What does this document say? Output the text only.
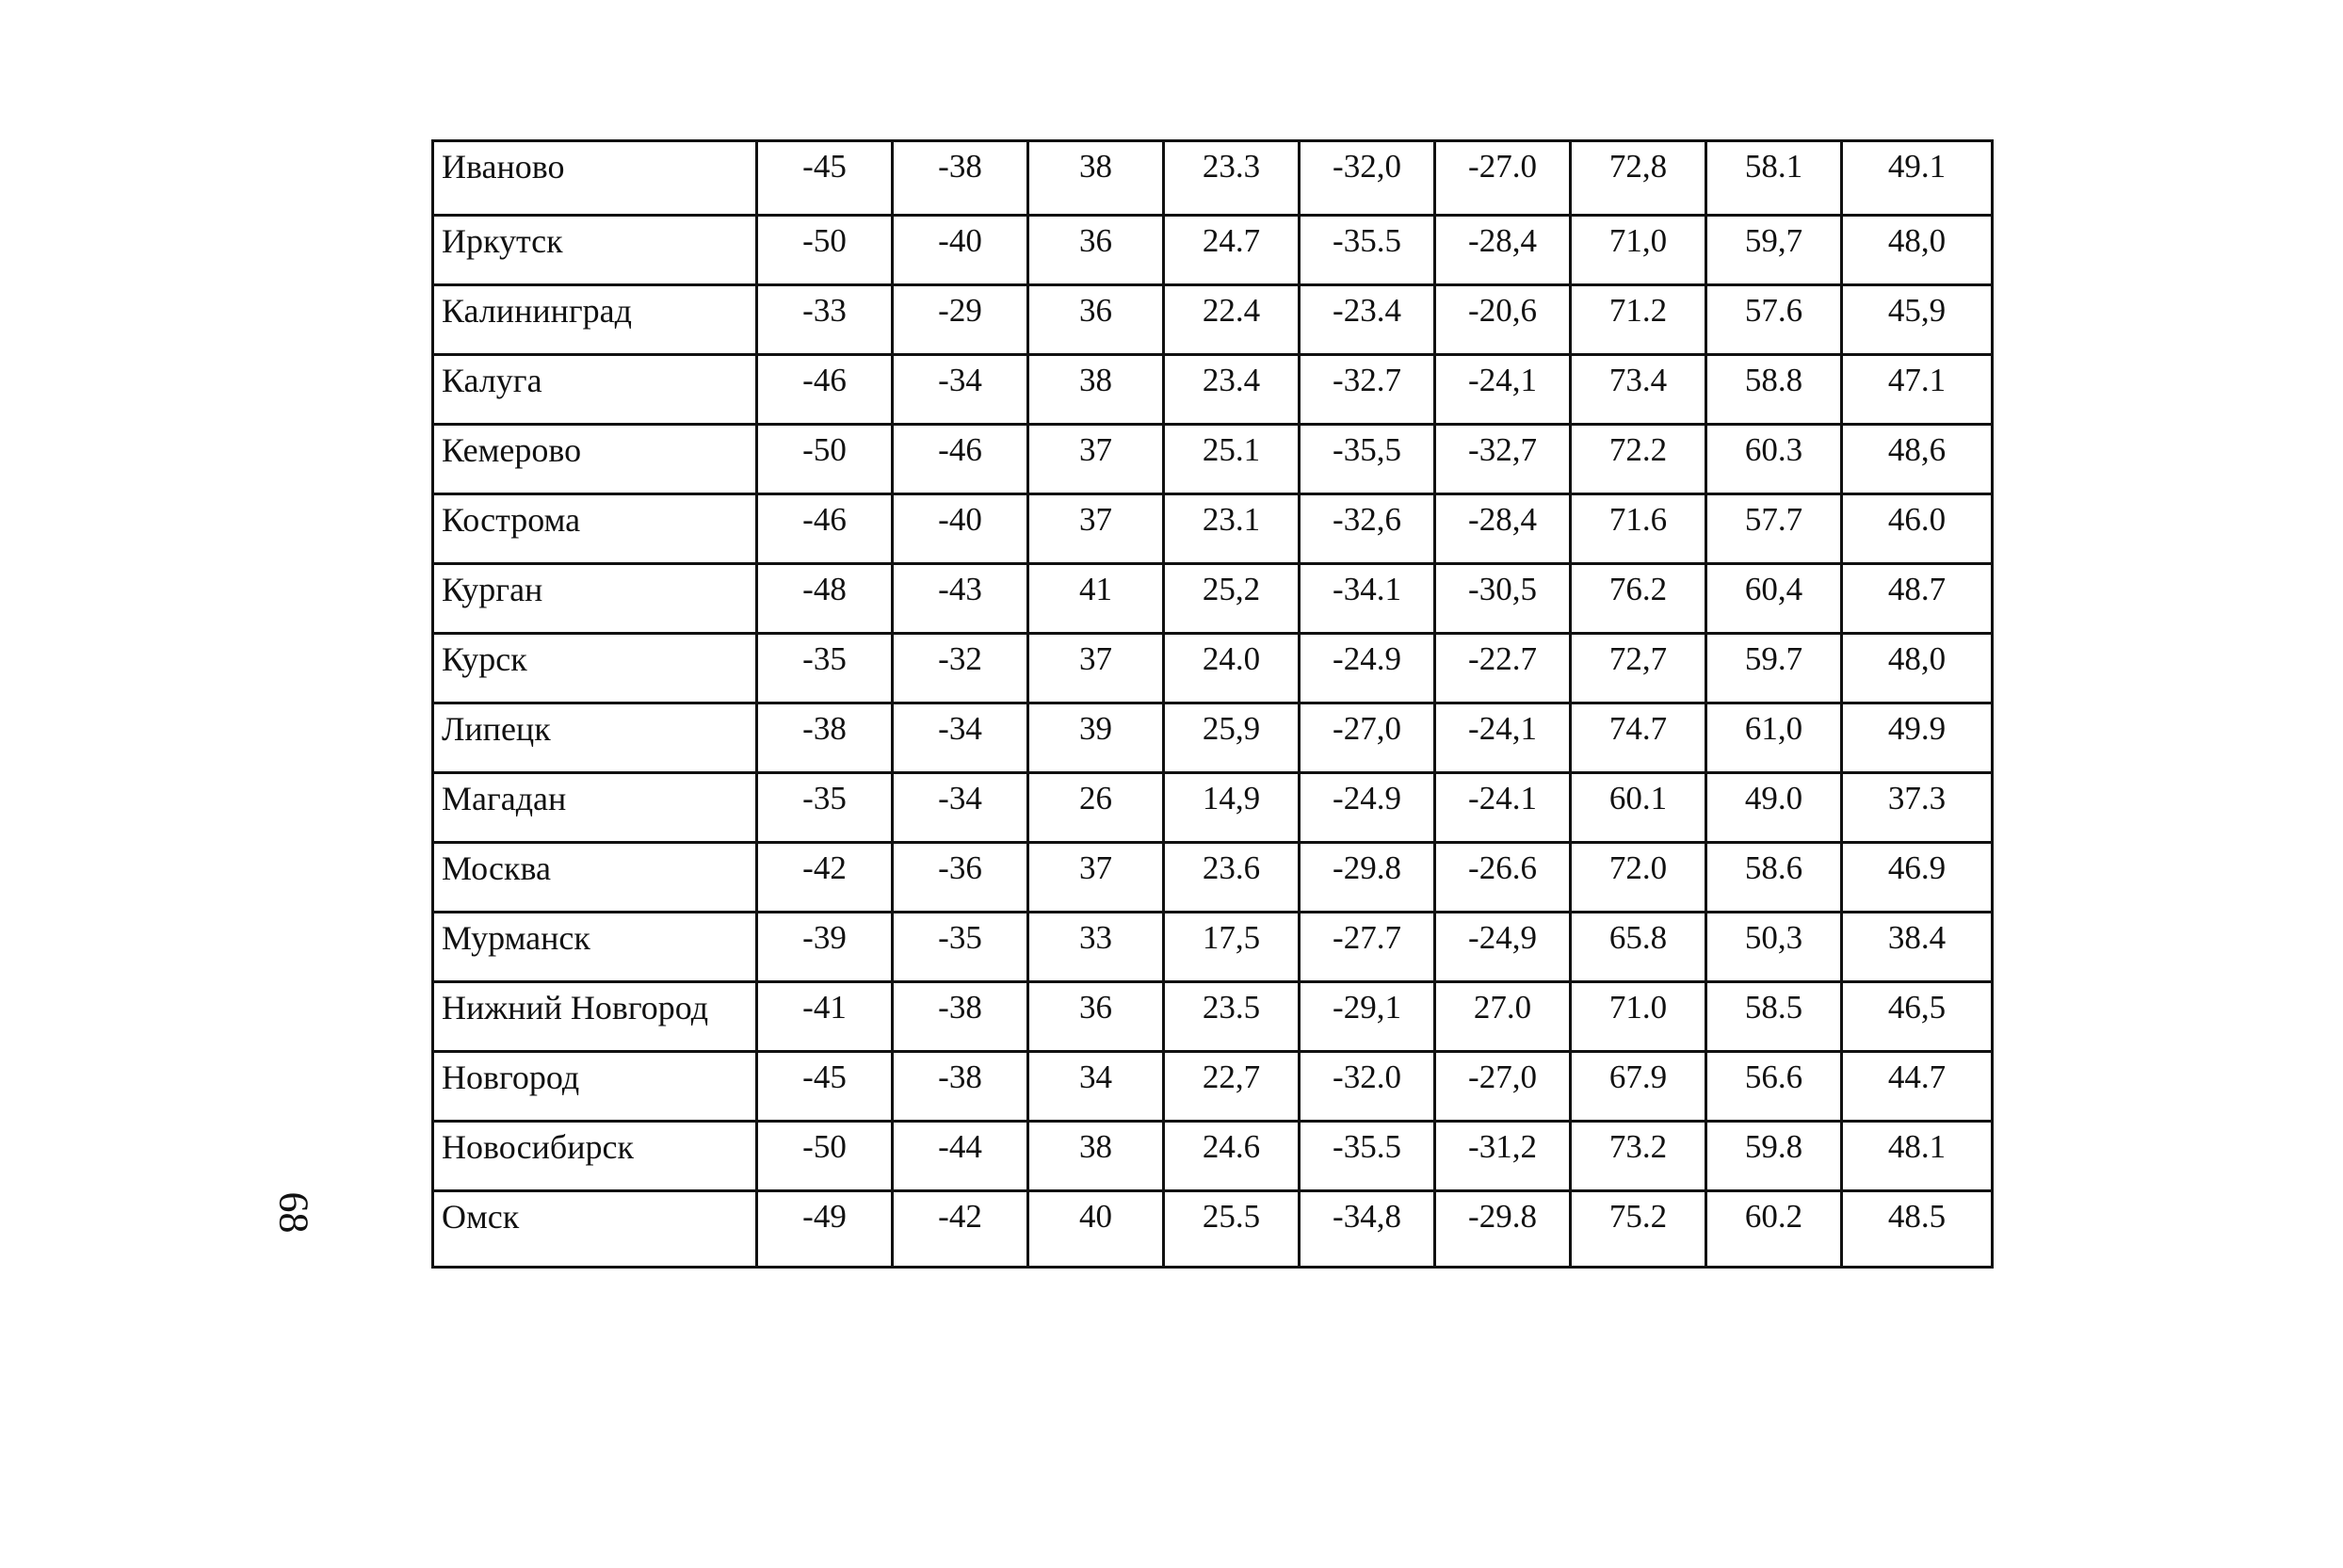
Иваново	-45	-38	38	23.3	-32,0	-27.0	72,8	58.1	49.1
Иркутск	-50	-40	36	24.7	-35.5	-28,4	71,0	59,7	48,0
Калининград	-33	-29	36	22.4	-23.4	-20,6	71.2	57.6	45,9
Калуга	-46	-34	38	23.4	-32.7	-24,1	73.4	58.8	47.1
Кемерово	-50	-46	37	25.1	-35,5	-32,7	72.2	60.3	48,6
Кострома	-46	-40	37	23.1	-32,6	-28,4	71.6	57.7	46.0
Курган	-48	-43	41	25,2	-34.1	-30,5	76.2	60,4	48.7
Курск	-35	-32	37	24.0	-24.9	-22.7	72,7	59.7	48,0
Липецк	-38	-34	39	25,9	-27,0	-24,1	74.7	61,0	49.9
Магадан	-35	-34	26	14,9	-24.9	-24.1	60.1	49.0	37.3
Москва	-42	-36	37	23.6	-29.8	-26.6	72.0	58.6	46.9
Мурманск	-39	-35	33	17,5	-27.7	-24,9	65.8	50,3	38.4
Нижний Новгород	-41	-38	36	23.5	-29,1	27.0	71.0	58.5	46,5
Новгород	-45	-38	34	22,7	-32.0	-27,0	67.9	56.6	44.7
Новосибирск	-50	-44	38	24.6	-35.5	-31,2	73.2	59.8	48.1
Омск	-49	-42	40	25.5	-34,8	-29.8	75.2	60.2	48.5
68
